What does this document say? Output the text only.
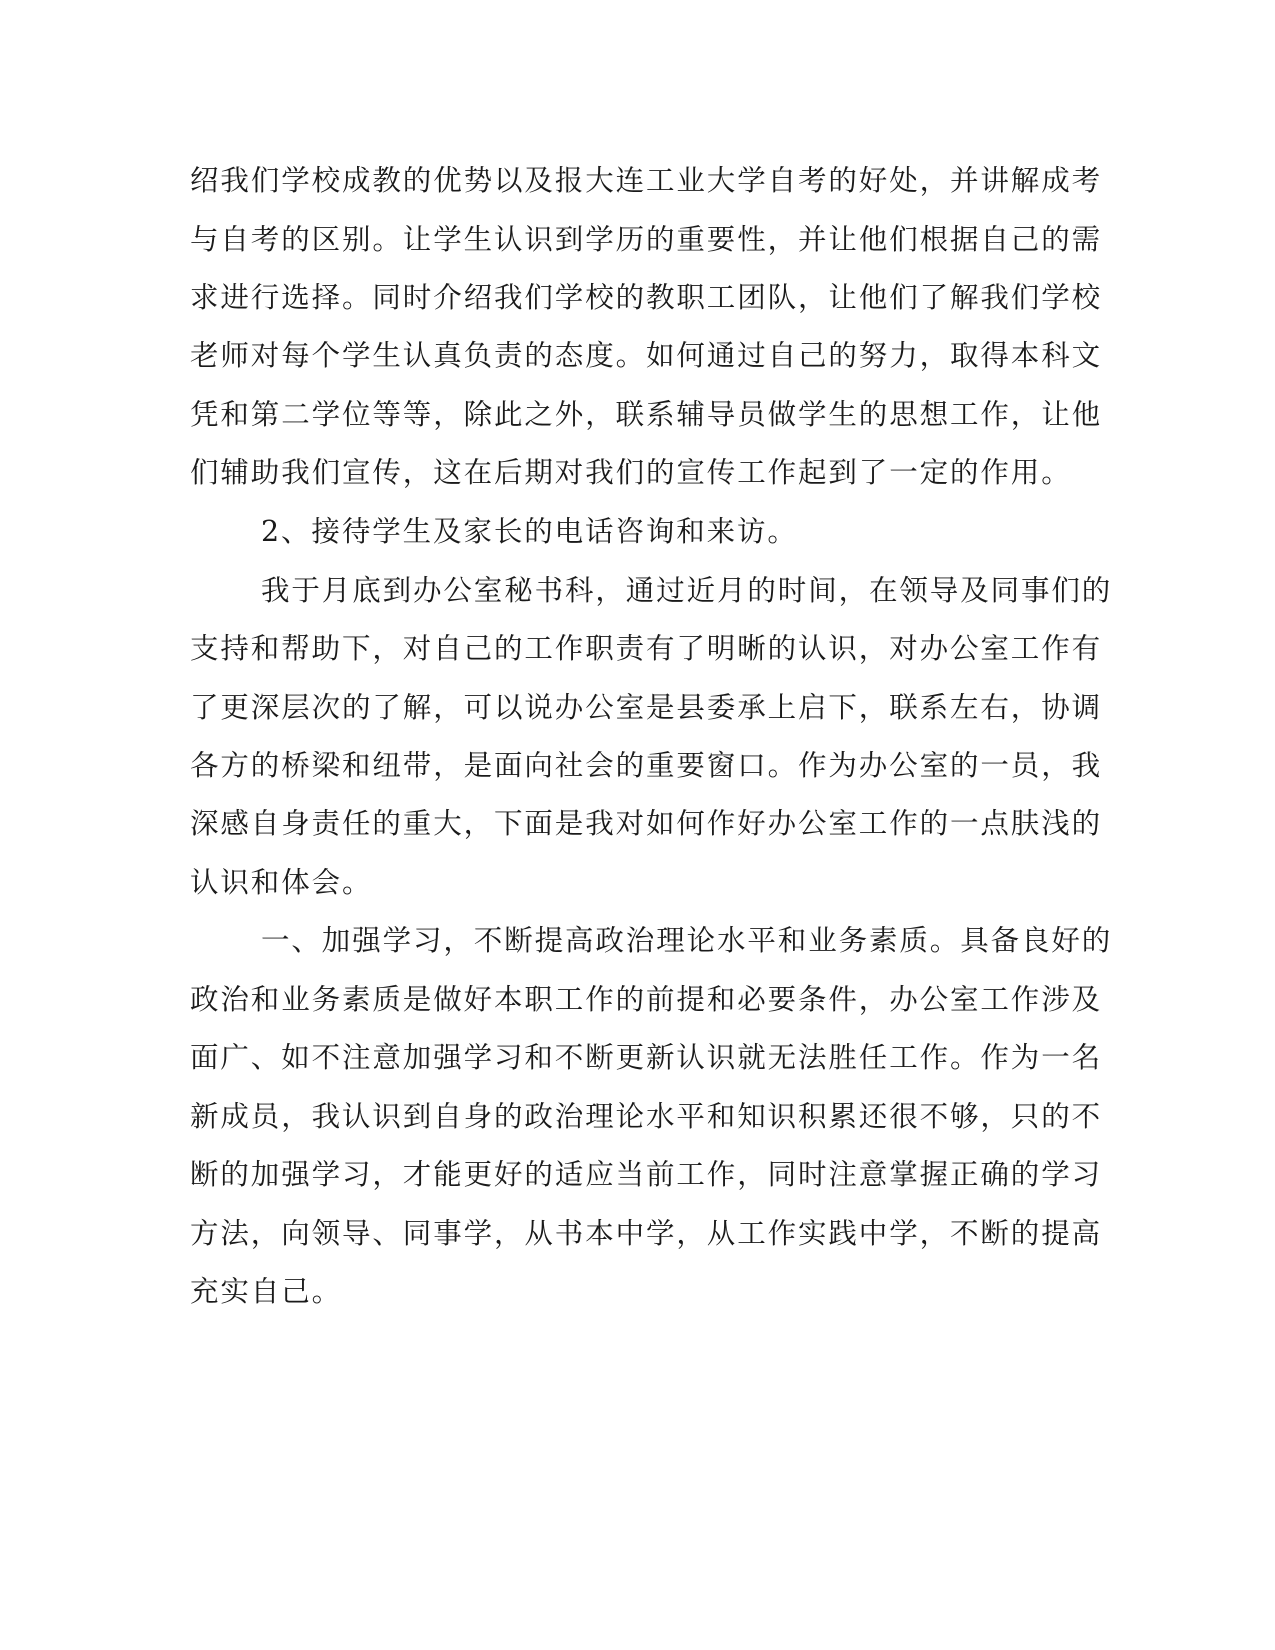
绍我们学校成教的优势以及报大连工业大学自考的好处，并讲解成考
与自考的区别。让学生认识到学历的重要性，并让他们根据自己的需
求进行选择。同时介绍我们学校的教职工团队，让他们了解我们学校
老师对每个学生认真负责的态度。如何通过自己的努力，取得本科文
凭和第二学位等等，除此之外，联系辅导员做学生的思想工作，让他
们辅助我们宣传，这在后期对我们的宣传工作起到了一定的作用。
2、接待学生及家长的电话咨询和来访。
我于月底到办公室秘书科，通过近月的时间，在领导及同事们的
支持和帮助下，对自己的工作职责有了明晰的认识，对办公室工作有
了更深层次的了解，可以说办公室是县委承上启下，联系左右，协调
各方的桥梁和纽带，是面向社会的重要窗口。作为办公室的一员，我
深感自身责任的重大，下面是我对如何作好办公室工作的一点肤浅的
认识和体会。
一、加强学习，不断提高政治理论水平和业务素质。具备良好的
政治和业务素质是做好本职工作的前提和必要条件，办公室工作涉及
面广、如不注意加强学习和不断更新认识就无法胜任工作。作为一名
新成员，我认识到自身的政治理论水平和知识积累还很不够，只的不
断的加强学习，才能更好的适应当前工作，同时注意掌握正确的学习
方法，向领导、同事学，从书本中学，从工作实践中学，不断的提高
充实自己。
